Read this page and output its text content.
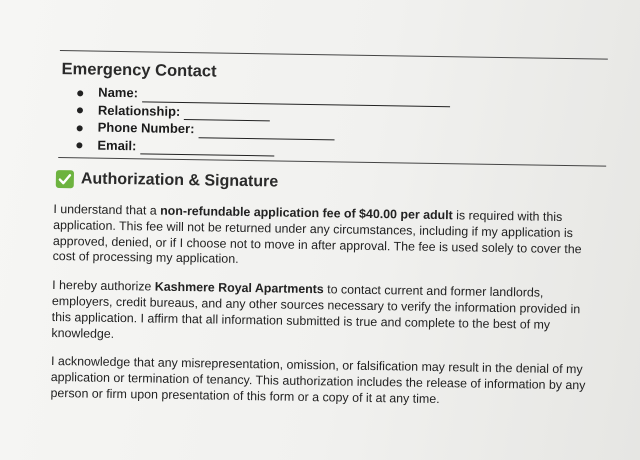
Emergency Contact
Name:
Relationship:
Phone Number:
Email:
Authorization & Signature

I understand that a non-refundable application fee of $40.00 per adult is required with this application. This fee will not be returned under any circumstances, including if my application is approved, denied, or if I choose not to move in after approval. The fee is used solely to cover the cost of processing my application.

I hereby authorize Kashmere Royal Apartments to contact current and former landlords, employers, credit bureaus, and any other sources necessary to verify the information provided in this application. I affirm that all information submitted is true and complete to the best of my knowledge.

I acknowledge that any misrepresentation, omission, or falsification may result in the denial of my application or termination of tenancy. This authorization includes the release of information by any person or firm upon presentation of this form or a copy of it at any time.
